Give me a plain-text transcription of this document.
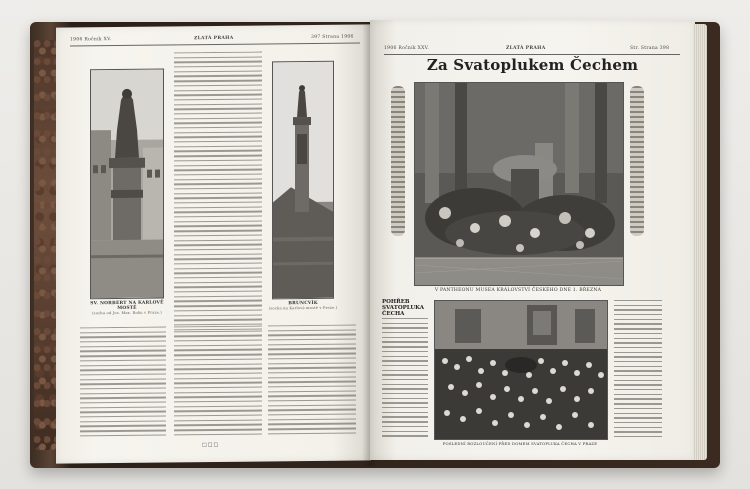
1906 Ročník XV.	ZLATÁ PRAHA	397 Strana 1906
SV. NORBERT NA KARLOVĚ MOSTĚ
(socha od Jos. Max. Roku v Praze.)
BRUNCVÍK
(socha na Karlově mostě v Praze.)
□□□
1906 Ročník XXV.	ZLATÁ PRAHA	Str. Strana 398
Za Svatoplukem Čechem
V PANTHEONU MUSEA KRÁLOVSTVÍ ČESKÉHO DNE 1. BŘEZNA
POHŘEB SVATOPLUKA ČECHA
POSLEDNÍ ROZLOUČENÍ PŘED DOMEM SVATOPLUKA ČECHA V PRAZE
